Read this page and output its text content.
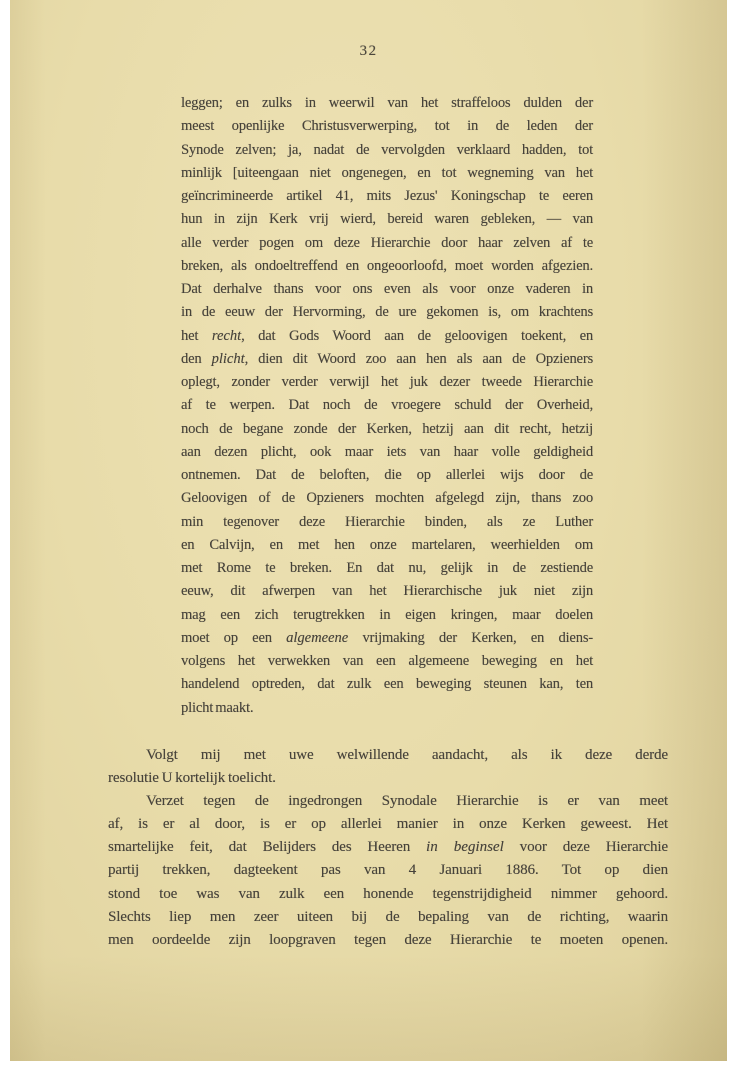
32
leggen; en zulks in weerwil van het straffeloos dulden der
meest openlijke Christusverwerping, tot in de leden der
Synode zelven; ja, nadat de vervolgden verklaard hadden, tot
minlijk [uiteengaan niet ongenegen, en tot wegneming van het
geïncrimineerde artikel 41, mits Jezus' Koningschap te eeren
hun in zijn Kerk vrij wierd, bereid waren gebleken, — van
alle verder pogen om deze Hierarchie door haar zelven af te
breken, als ondoeltreffend en ongeoorloofd, moet worden afgezien.
Dat derhalve thans voor ons even als voor onze vaderen in
in de eeuw der Hervorming, de ure gekomen is, om krachtens
het recht, dat Gods Woord aan de geloovigen toekent, en
den plicht, dien dit Woord zoo aan hen als aan de Opzieners
oplegt, zonder verder verwijl het juk dezer tweede Hierarchie
af te werpen. Dat noch de vroegere schuld der Overheid,
noch de begane zonde der Kerken, hetzij aan dit recht, hetzij
aan dezen plicht, ook maar iets van haar volle geldigheid
ontnemen. Dat de beloften, die op allerlei wijs door de
Geloovigen of de Opzieners mochten afgelegd zijn, thans zoo
min tegenover deze Hierarchie binden, als ze Luther
en Calvijn, en met hen onze martelaren, weerhielden om
met Rome te breken. En dat nu, gelijk in de zestiende
eeuw, dit afwerpen van het Hierarchische juk niet zijn
mag een zich terugtrekken in eigen kringen, maar doelen
moet op een algemeene vrijmaking der Kerken, en diens-
volgens het verwekken van een algemeene beweging en het
handelend optreden, dat zulk een beweging steunen kan, ten
plicht maakt.
Volgt mij met uwe welwillende aandacht, als ik deze derde
resolutie U kortelijk toelicht.
Verzet tegen de ingedrongen Synodale Hierarchie is er van meet
af, is er al door, is er op allerlei manier in onze Kerken geweest. Het
smartelijke feit, dat Belijders des Heeren in beginsel voor deze Hierarchie
partij trekken, dagteekent pas van 4 Januari 1886. Tot op dien
stond toe was van zulk een honende tegenstrijdigheid nimmer gehoord.
Slechts liep men zeer uiteen bij de bepaling van de richting, waarin
men oordeelde zijn loopgraven tegen deze Hierarchie te moeten openen.
